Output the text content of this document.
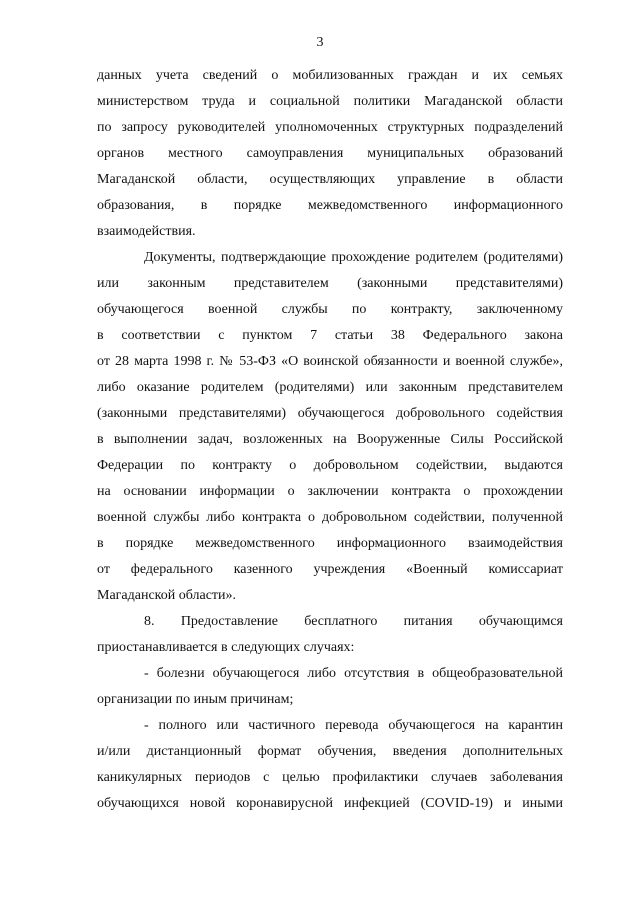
3
данных учета сведений о мобилизованных граждан и их семьях
министерством труда и социальной политики Магаданской области
по запросу руководителей уполномоченных структурных подразделений
органов местного самоуправления муниципальных образований
Магаданской области, осуществляющих управление в области
образования, в порядке межведомственного информационного
взаимодействия.
Документы, подтверждающие прохождение родителем (родителями)
или законным представителем (законными представителями)
обучающегося военной службы по контракту, заключенному
в соответствии с пунктом 7 статьи 38 Федерального закона
от 28 марта 1998 г. № 53-ФЗ «О воинской обязанности и военной службе»,
либо оказание родителем (родителями) или законным представителем
(законными представителями) обучающегося добровольного содействия
в выполнении задач, возложенных на Вооруженные Силы Российской
Федерации по контракту о добровольном содействии, выдаются
на основании информации о заключении контракта о прохождении
военной службы либо контракта о добровольном содействии, полученной
в порядке межведомственного информационного взаимодействия
от федерального казенного учреждения «Военный комиссариат
Магаданской области».
8. Предоставление бесплатного питания обучающимся
приостанавливается в следующих случаях:
- болезни обучающегося либо отсутствия в общеобразовательной
организации по иным причинам;
- полного или частичного перевода обучающегося на карантин
и/или дистанционный формат обучения, введения дополнительных
каникулярных периодов с целью профилактики случаев заболевания
обучающихся новой коронавирусной инфекцией (COVID-19) и иными
